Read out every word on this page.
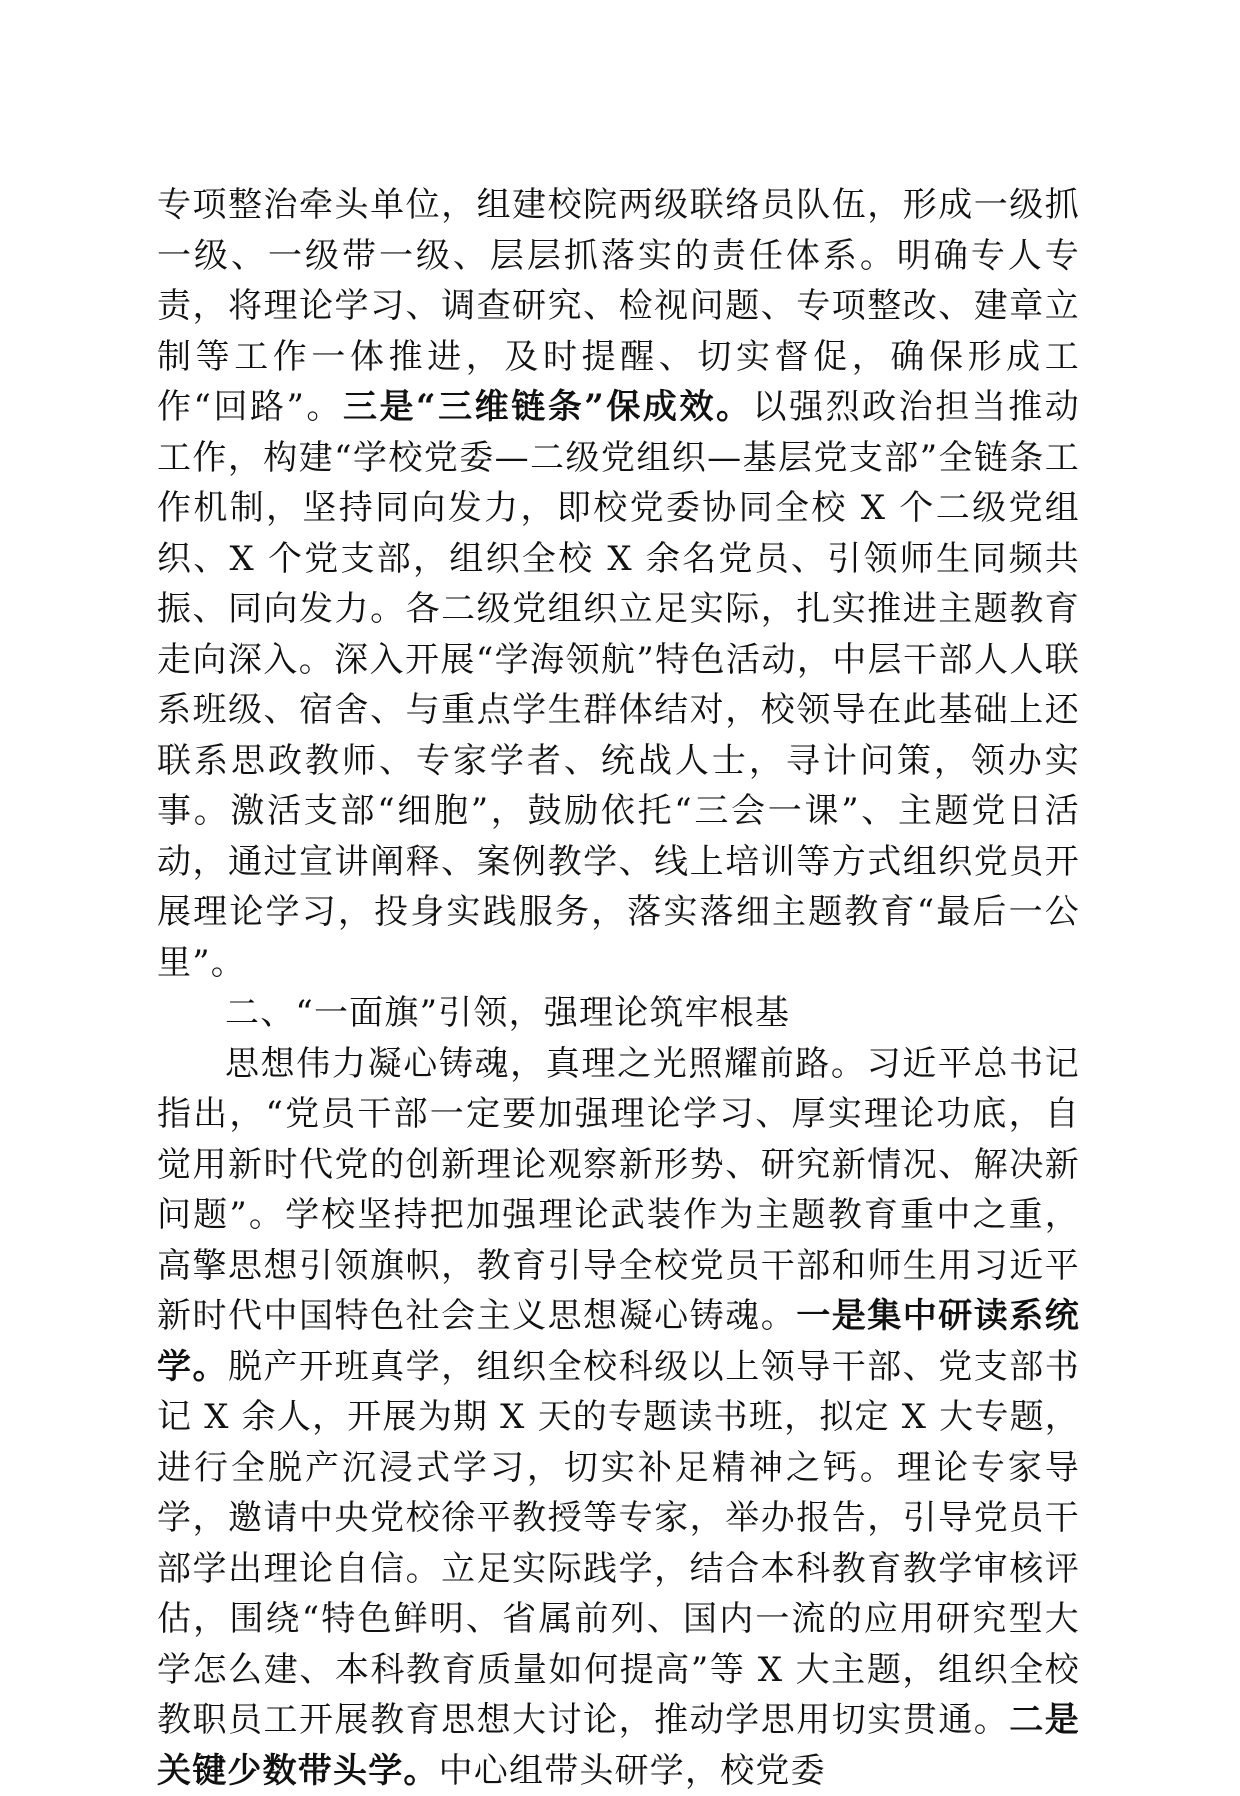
专项整治牵头单位，组建校院两级联络员队伍，形成一级抓一级、一级带一级、层层抓落实的责任体系。明确专人专责，将理论学习、调查研究、检视问题、专项整改、建章立制等工作一体推进，及时提醒、切实督促，确保形成工作“回路”。三是“三维链条”保成效。以强烈政治担当推动工作，构建“学校党委—二级党组织—基层党支部”全链条工作机制，坚持同向发力，即校党委协同全校 X 个二级党组织、X 个党支部，组织全校 X 余名党员、引领师生同频共振、同向发力。各二级党组织立足实际，扎实推进主题教育走向深入。深入开展“学海领航”特色活动，中层干部人人联系班级、宿舍、与重点学生群体结对，校领导在此基础上还联系思政教师、专家学者、统战人士，寻计问策，领办实事。激活支部“细胞”，鼓励依托“三会一课”、主题党日活动，通过宣讲阐释、案例教学、线上培训等方式组织党员开展理论学习，投身实践服务，落实落细主题教育“最后一公里”。

二、“一面旗”引领，强理论筑牢根基

思想伟力凝心铸魂，真理之光照耀前路。习近平总书记指出，“党员干部一定要加强理论学习、厚实理论功底，自觉用新时代党的创新理论观察新形势、研究新情况、解决新问题”。学校坚持把加强理论武装作为主题教育重中之重，高擎思想引领旗帜，教育引导全校党员干部和师生用习近平新时代中国特色社会主义思想凝心铸魂。一是集中研读系统学。脱产开班真学，组织全校科级以上领导干部、党支部书记 X 余人，开展为期 X 天的专题读书班，拟定 X 大专题，进行全脱产沉浸式学习，切实补足精神之钙。理论专家导学，邀请中央党校徐平教授等专家，举办报告，引导党员干部学出理论自信。立足实际践学，结合本科教育教学审核评估，围绕“特色鲜明、省属前列、国内一流的应用研究型大学怎么建、本科教育质量如何提高”等 X 大主题，组织全校教职员工开展教育思想大讨论，推动学思用切实贯通。二是关键少数带头学。中心组带头研学，校党委
